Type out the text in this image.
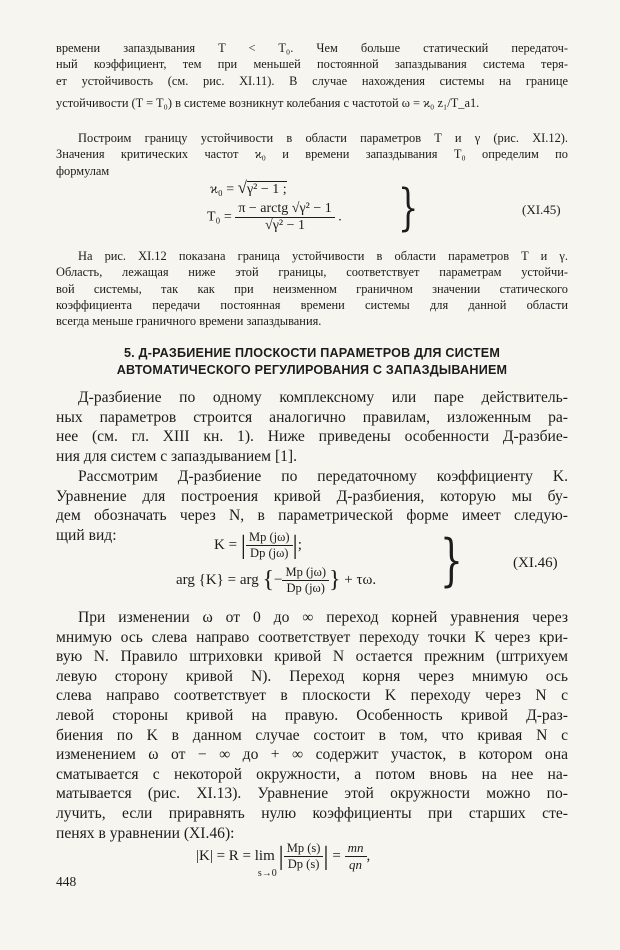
времени запаздывания T < T₀. Чем больше статический передаточ-
ный коэффициент, тем при меньшей постоянной запаздывания система теря-
ет устойчивость (см. рис. XI.11). В случае нахождения системы на границе
устойчивости (T = T₀) в системе возникнут колебания с частотой ω = ϰ₀ z₁/T_a1.
Построим границу устойчивости в области параметров T и γ (рис. XI.12).
Значения критических частот ϰ₀ и времени запаздывания T₀ определим по
формулам
ϰ₀ = √γ² − 1 ;
$T_0 = \frac{\text{π − arctg √γ² − 1}}{\text{√γ² − 1}}$ . }	(XI.45)
На рис. XI.12 показана граница устойчивости в области параметров T и γ.
Область, лежащая ниже этой границы, соответствует параметрам устойчи-
вой системы, так как при неизменном граничном значении статического
коэффициента передачи постоянная времени системы для данной области
всегда меньше граничного времени запаздывания.
5. Д-РАЗБИЕНИЕ ПЛОСКОСТИ ПАРАМЕТРОВ ДЛЯ СИСТЕМ
АВТОМАТИЧЕСКОГО РЕГУЛИРОВАНИЯ С ЗАПАЗДЫВАНИЕМ
Д-разбиение по одному комплексному или паре действитель-
ных параметров строится аналогично правилам, изложенным ра-
нее (см. гл. XIII кн. 1). Ниже приведены особенности Д-разбие-
ния для систем с запаздыванием [1].
Рассмотрим Д-разбиение по передаточному коэффициенту K.
Уравнение для построения кривой Д-разбиения, которую мы бу-
дем обозначать через N, в параметрической форме имеет следую-
щий вид:
K = | $\frac{Mp (j\omega)}{Dp (j\omega)}$ |;
arg {K} = arg {− $\frac{Mp (j\omega)}{Dp (j\omega)}$ } + τω. }	(XI.46)
При изменении ω от 0 до ∞ переход корней уравнения через
мнимую ось слева направо соответствует переходу точки K через кри-
вую N. Правило штриховки кривой N остается прежним (штрихуем
левую сторону кривой N). Переход корня через мнимую ось
слева направо соответствует в плоскости K переходу через N с
левой стороны кривой на правую. Особенность кривой Д-раз-
биения по K в данном случае состоит в том, что кривая N с
изменением ω от − ∞ до + ∞ содержит участок, в котором она
сматывается с некоторой окружности, а потом вновь на нее на-
матывается (рис. XI.13). Уравнение этой окружности можно по-
лучить, если приравнять нулю коэффициенты при старших сте-
пенях в уравнении (XI.46):
|K| = R = lim
s→0
| $\frac{Mp (s)}{Dp (s)}$ | = $\frac{mn}{qn}$ ,
448
